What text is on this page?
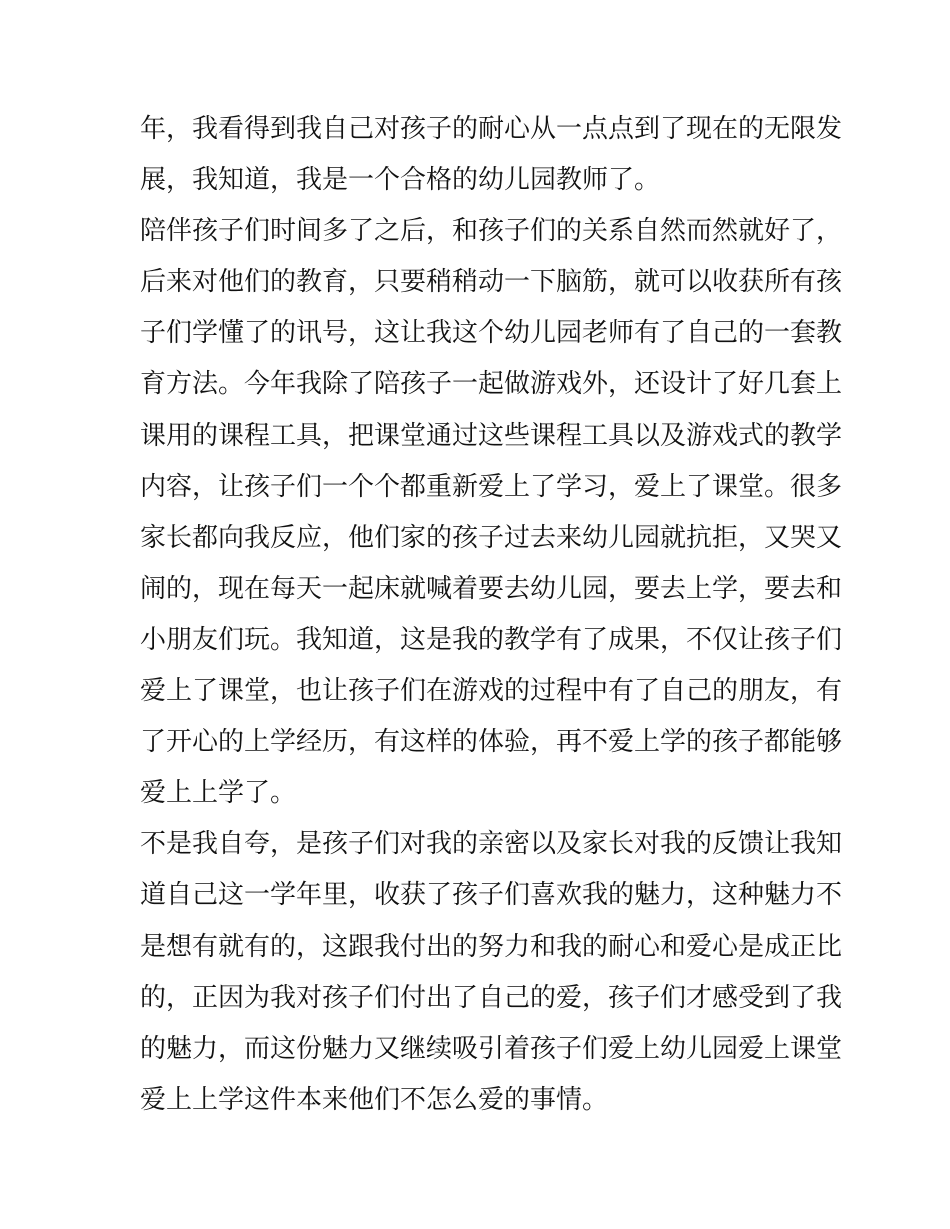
年，我看得到我自己对孩子的耐心从一点点到了现在的无限发
展，我知道，我是一个合格的幼儿园教师了。
陪伴孩子们时间多了之后，和孩子们的关系自然而然就好了，
后来对他们的教育，只要稍稍动一下脑筋，就可以收获所有孩
子们学懂了的讯号，这让我这个幼儿园老师有了自己的一套教
育方法。今年我除了陪孩子一起做游戏外，还设计了好几套上
课用的课程工具，把课堂通过这些课程工具以及游戏式的教学
内容，让孩子们一个个都重新爱上了学习，爱上了课堂。很多
家长都向我反应，他们家的孩子过去来幼儿园就抗拒，又哭又
闹的，现在每天一起床就喊着要去幼儿园，要去上学，要去和
小朋友们玩。我知道，这是我的教学有了成果，不仅让孩子们
爱上了课堂，也让孩子们在游戏的过程中有了自己的朋友，有
了开心的上学经历，有这样的体验，再不爱上学的孩子都能够
爱上上学了。
不是我自夸，是孩子们对我的亲密以及家长对我的反馈让我知
道自己这一学年里，收获了孩子们喜欢我的魅力，这种魅力不
是想有就有的，这跟我付出的努力和我的耐心和爱心是成正比
的，正因为我对孩子们付出了自己的爱，孩子们才感受到了我
的魅力，而这份魅力又继续吸引着孩子们爱上幼儿园爱上课堂
爱上上学这件本来他们不怎么爱的事情。
